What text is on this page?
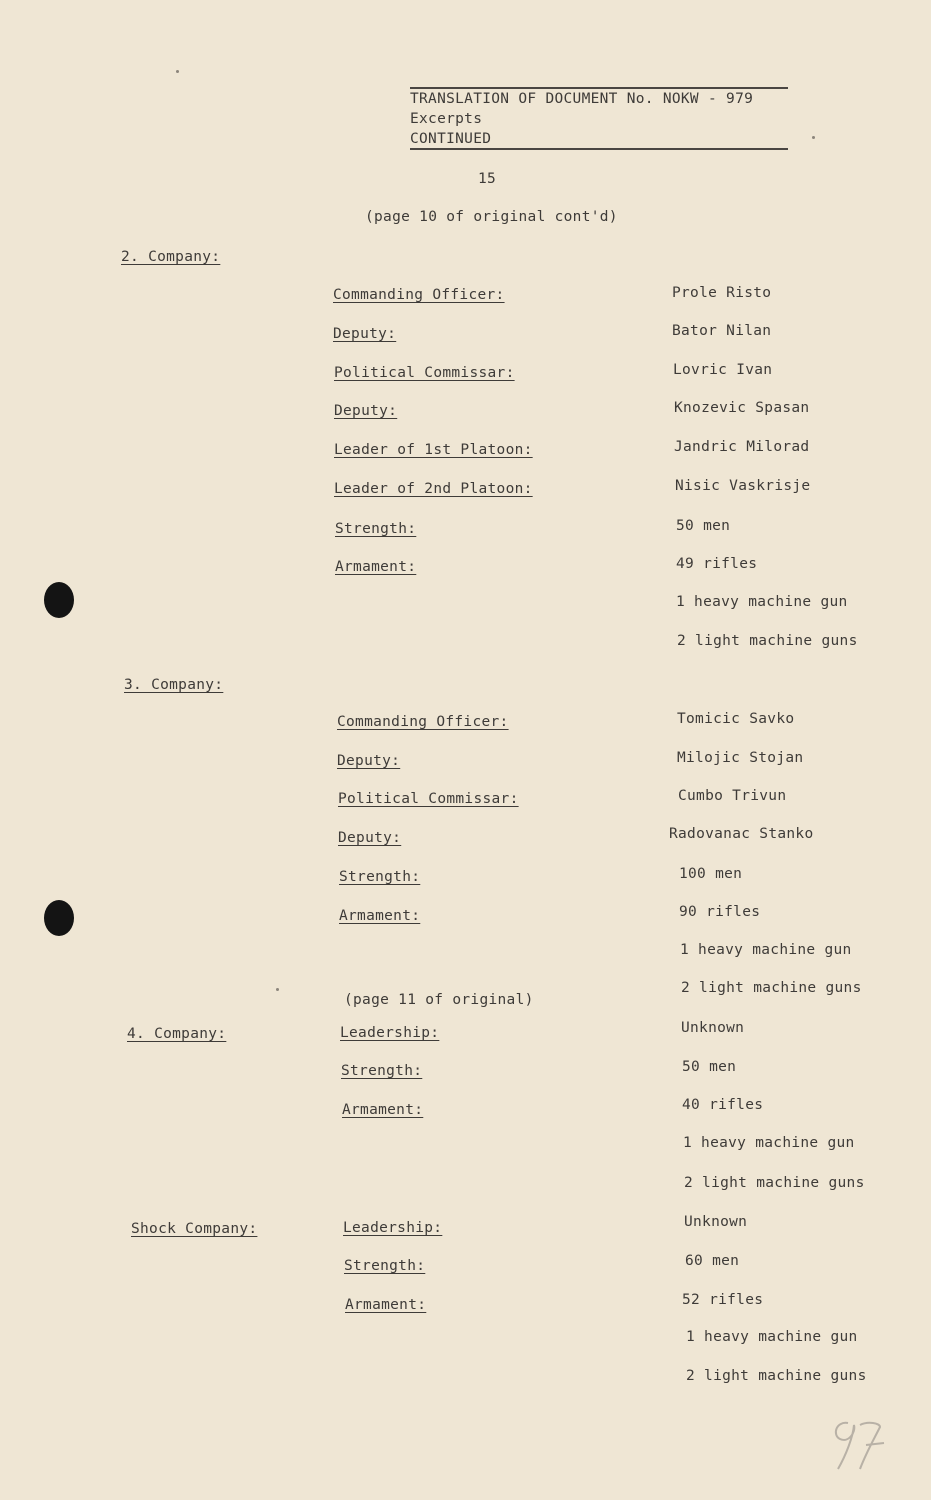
TRANSLATION OF DOCUMENT No. NOKW - 979
Excerpts
CONTINUED
15
(page 10 of original cont'd)
2. Company:
Commanding Officer:	Prole Risto
Deputy:	Bator Nilan
Political Commissar:	Lovric Ivan
Deputy:	Knozevic Spasan
Leader of 1st Platoon:	Jandric Milorad
Leader of 2nd Platoon:	Nisic Vaskrisje
Strength:	50 men
Armament:	49 rifles
1 heavy machine gun
2 light machine guns
3. Company:
Commanding Officer:	Tomicic Savko
Deputy:	Milojic Stojan
Political Commissar:	Cumbo Trivun
Deputy:	Radovanac Stanko
Strength:	100 men
Armament:	90 rifles
1 heavy machine gun
2 light machine guns
(page 11 of original)
4. Company:	Leadership:	Unknown
Strength:	50 men
Armament:	40 rifles
1 heavy machine gun
2 light machine guns
Shock Company:	Leadership:	Unknown
Strength:	60 men
Armament:	52 rifles
1 heavy machine gun
2 light machine guns
